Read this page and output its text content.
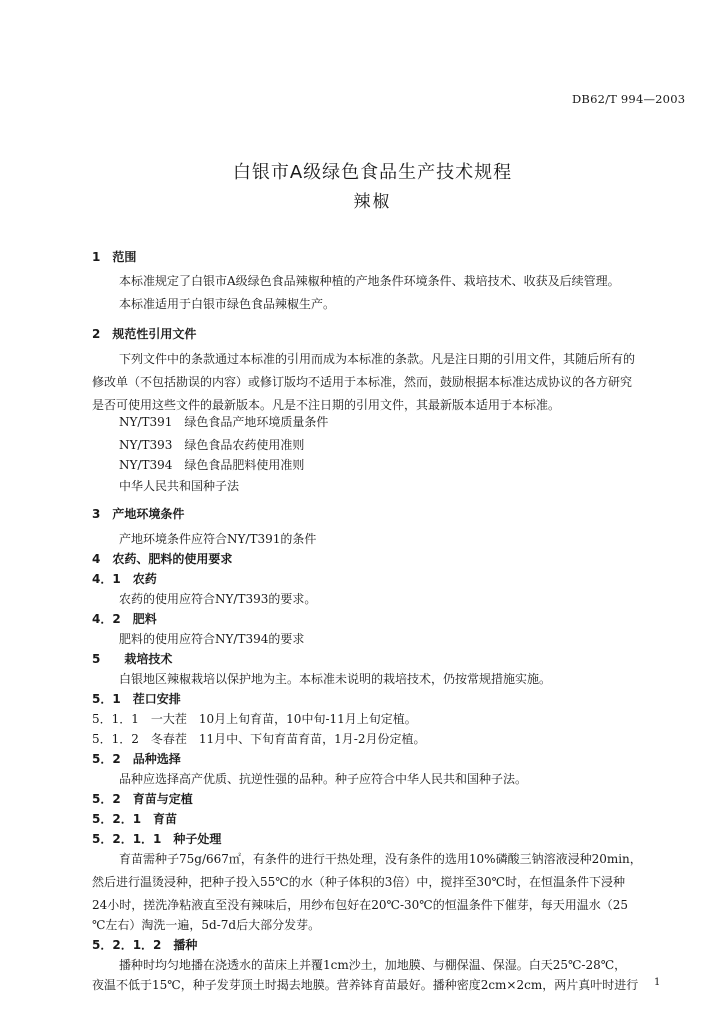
DB62/T 994—2003
白银市A级绿色食品生产技术规程
辣椒
1　范围
本标准规定了白银市A级绿色食品辣椒种植的产地条件环境条件、栽培技术、收获及后续管理。
本标准适用于白银市绿色食品辣椒生产。
2　规范性引用文件
下列文件中的条款通过本标准的引用而成为本标准的条款。凡是注日期的引用文件，其随后所有的
修改单（不包括勘误的内容）或修订版均不适用于本标准，然而，鼓励根据本标准达成协议的各方研究
是否可使用这些文件的最新版本。凡是不注日期的引用文件，其最新版本适用于本标准。
NY/T391　绿色食品产地环境质量条件
NY/T393　绿色食品农药使用准则
NY/T394　绿色食品肥料使用准则
中华人民共和国种子法
3　产地环境条件
产地环境条件应符合NY/T391的条件
4　农药、肥料的使用要求
4．1　农药
农药的使用应符合NY/T393的要求。
4．2　肥料
肥料的使用应符合NY/T394的要求
5　　栽培技术
白银地区辣椒栽培以保护地为主。本标准未说明的栽培技术，仍按常规措施实施。
5．1　茬口安排
5．1．1　一大茬　10月上旬育苗，10中旬-11月上旬定植。
5．1．2　冬春茬　11月中、下旬育苗育苗，1月-2月份定植。
5．2　品种选择
品种应选择高产优质、抗逆性强的品种。种子应符合中华人民共和国种子法。
5．2　育苗与定植
5．2．1　育苗
5．2．1．1　种子处理
育苗需种子75g/667㎡，有条件的进行干热处理，没有条件的选用10%磷酸三钠溶液浸种20min，
然后进行温烫浸种，把种子投入55℃的水（种子体积的3倍）中，搅拌至30℃时，在恒温条件下浸种
24小时，搓洗净粘液直至没有辣味后，用纱布包好在20℃-30℃的恒温条件下催芽，每天用温水（25
℃左右）淘洗一遍，5d-7d后大部分发芽。
5．2．1．2　播种
播种时均匀地播在浇透水的苗床上并覆1cm沙土，加地膜、与棚保温、保湿。白天25℃-28℃，
夜温不低于15℃，种子发芽顶土时揭去地膜。营养钵育苗最好。播种密度2cm×2cm，两片真叶时进行 1
